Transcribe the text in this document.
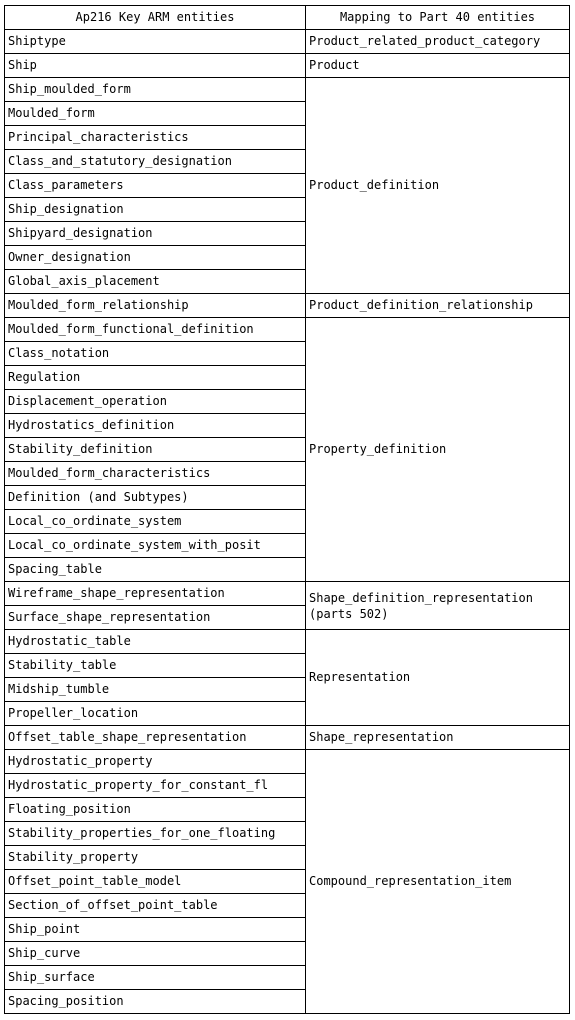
Ap216 Key ARM entities	Mapping to Part 40 entities
Shiptype	Product_related_product_category
Ship	Product
Ship_moulded_form	Product_definition
Moulded_form	
Principal_characteristics	
Class_and_statutory_designation	
Class_parameters	
Ship_designation	
Shipyard_designation	
Owner_designation	
Global_axis_placement	
Moulded_form_relationship	Product_definition_relationship
Moulded_form_functional_definition	Property_definition
Class_notation	
Regulation	
Displacement_operation	
Hydrostatics_definition	
Stability_definition	
Moulded_form_characteristics	
Definition (and Subtypes)	
Local_co_ordinate_system	
Local_co_ordinate_system_with_posit	
Spacing_table	
Wireframe_shape_representation	Shape_definition_representation (parts 502)
Surface_shape_representation	
Hydrostatic_table	Representation
Stability_table	
Midship_tumble	
Propeller_location	
Offset_table_shape_representation	Shape_representation
Hydrostatic_property	Compound_representation_item
Hydrostatic_property_for_constant_fl	
Floating_position	
Stability_properties_for_one_floating	
Stability_property	
Offset_point_table_model	
Section_of_offset_point_table	
Ship_point	
Ship_curve	
Ship_surface	
Spacing_position	
